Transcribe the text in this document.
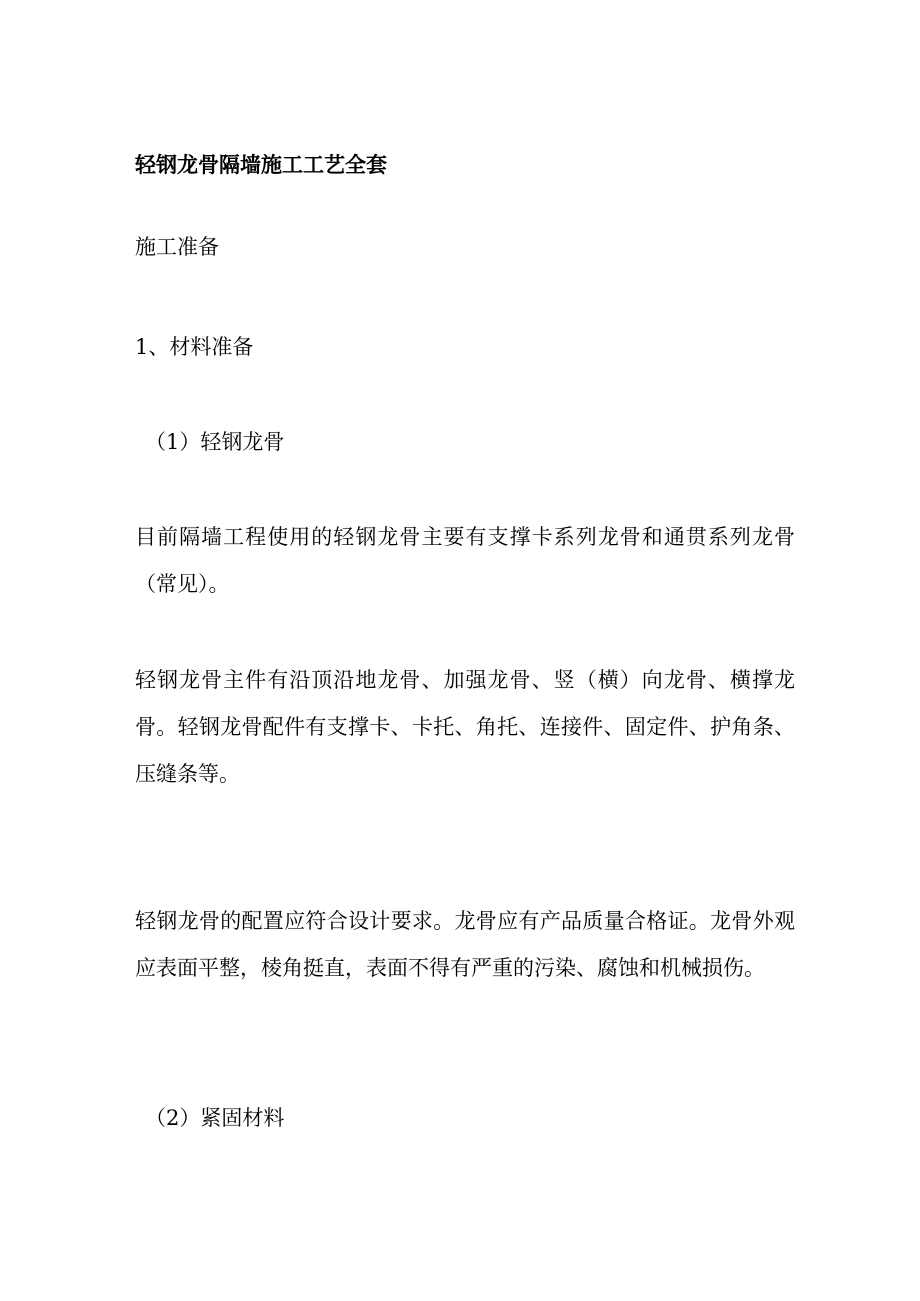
轻钢龙骨隔墙施工工艺全套

施工准备

1、材料准备

（1）轻钢龙骨

目前隔墙工程使用的轻钢龙骨主要有支撑卡系列龙骨和通贯系列龙骨（常见）。

轻钢龙骨主件有沿顶沿地龙骨、加强龙骨、竖（横）向龙骨、横撑龙骨。轻钢龙骨配件有支撑卡、卡托、角托、连接件、固定件、护角条、压缝条等。

轻钢龙骨的配置应符合设计要求。龙骨应有产品质量合格证。龙骨外观应表面平整，棱角挺直，表面不得有严重的污染、腐蚀和机械损伤。

（2）紧固材料
